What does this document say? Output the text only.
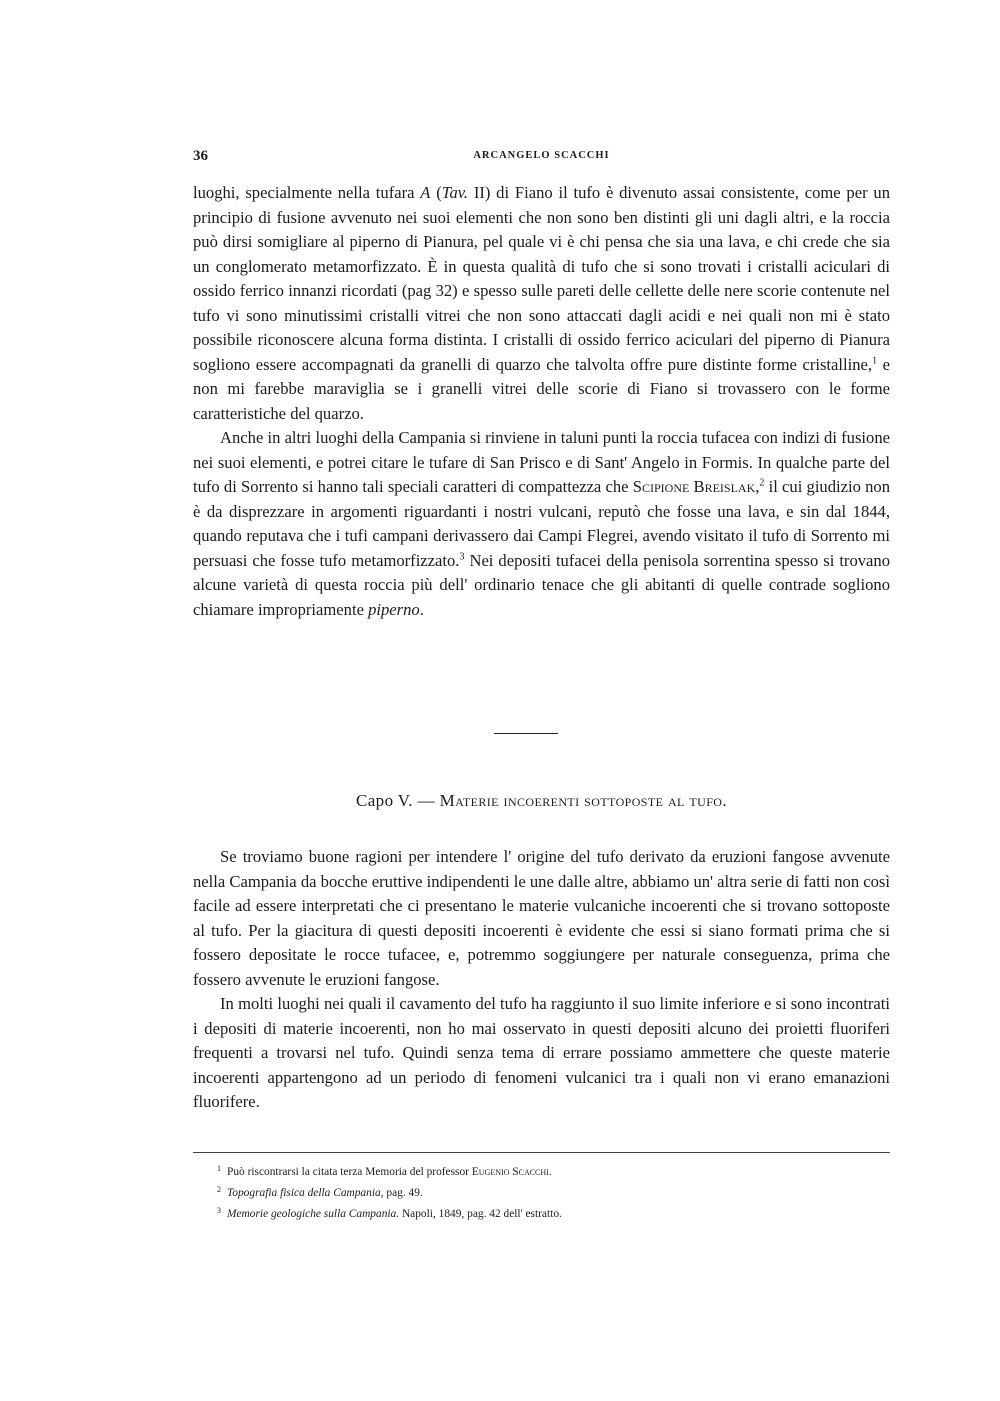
36	ARCANGELO SCACCHI

luoghi, specialmente nella tufara A (Tav. II) di Fiano il tufo è divenuto assai consistente, come per un principio di fusione avvenuto nei suoi elementi che non sono ben distinti gli uni dagli altri, e la roccia può dirsi somigliare al piperno di Pianura, pel quale vi è chi pensa che sia una lava, e chi crede che sia un conglomerato metamorfizzato. È in questa qualità di tufo che si sono trovati i cristalli aciculari di ossido ferrico innanzi ricordati (pag 32) e spesso sulle pareti delle cellette delle nere scorie contenute nel tufo vi sono minutissimi cristalli vitrei che non sono attaccati dagli acidi e nei quali non mi è stato possibile riconoscere alcuna forma distinta. I cristalli di ossido ferrico aciculari del piperno di Pianura sogliono essere accompagnati da granelli di quarzo che talvolta offre pure distinte forme cristalline,$^1$ e non mi farebbe maraviglia se i granelli vitrei delle scorie di Fiano si trovassero con le forme caratteristiche del quarzo.

Anche in altri luoghi della Campania si rinviene in taluni punti la roccia tufacea con indizi di fusione nei suoi elementi, e potrei citare le tufare di San Prisco e di Sant' Angelo in Formis. In qualche parte del tufo di Sorrento si hanno tali speciali caratteri di compattezza che Scipione Breislak,$^2$ il cui giudizio non è da disprezzare in argomenti riguardanti i nostri vulcani, reputò che fosse una lava, e sin dal 1844, quando reputava che i tufi campani derivassero dai Campi Flegrei, avendo visitato il tufo di Sorrento mi persuasi che fosse tufo metamorfizzato.$^3$ Nei depositi tufacei della penisola sorrentina spesso si trovano alcune varietà di questa roccia più dell' ordinario tenace che gli abitanti di quelle contrade sogliono chiamare impropriamente piperno.

Capo V. — Materie incoerenti sottoposte al tufo.

Se troviamo buone ragioni per intendere l' origine del tufo derivato da eruzioni fangose avvenute nella Campania da bocche eruttive indipendenti le une dalle altre, abbiamo un' altra serie di fatti non così facile ad essere interpretati che ci presentano le materie vulcaniche incoerenti che si trovano sottoposte al tufo. Per la giacitura di questi depositi incoerenti è evidente che essi si siano formati prima che si fossero depositate le rocce tufacee, e, potremmo soggiungere per naturale conseguenza, prima che fossero avvenute le eruzioni fangose.

In molti luoghi nei quali il cavamento del tufo ha raggiunto il suo limite inferiore e si sono incontrati i depositi di materie incoerenti, non ho mai osservato in questi depositi alcuno dei proietti fluoriferi frequenti a trovarsi nel tufo. Quindi senza tema di errare possiamo ammettere che queste materie incoerenti appartengono ad un periodo di fenomeni vulcanici tra i quali non vi erano emanazioni fluorifere.

$^1$ Può riscontrarsi la citata terza Memoria del professor Eugenio Scacchi.
$^2$ Topografia fisica della Campania, pag. 49.
$^3$ Memorie geologiche sulla Campania. Napoli, 1849, pag. 42 dell' estratto.
